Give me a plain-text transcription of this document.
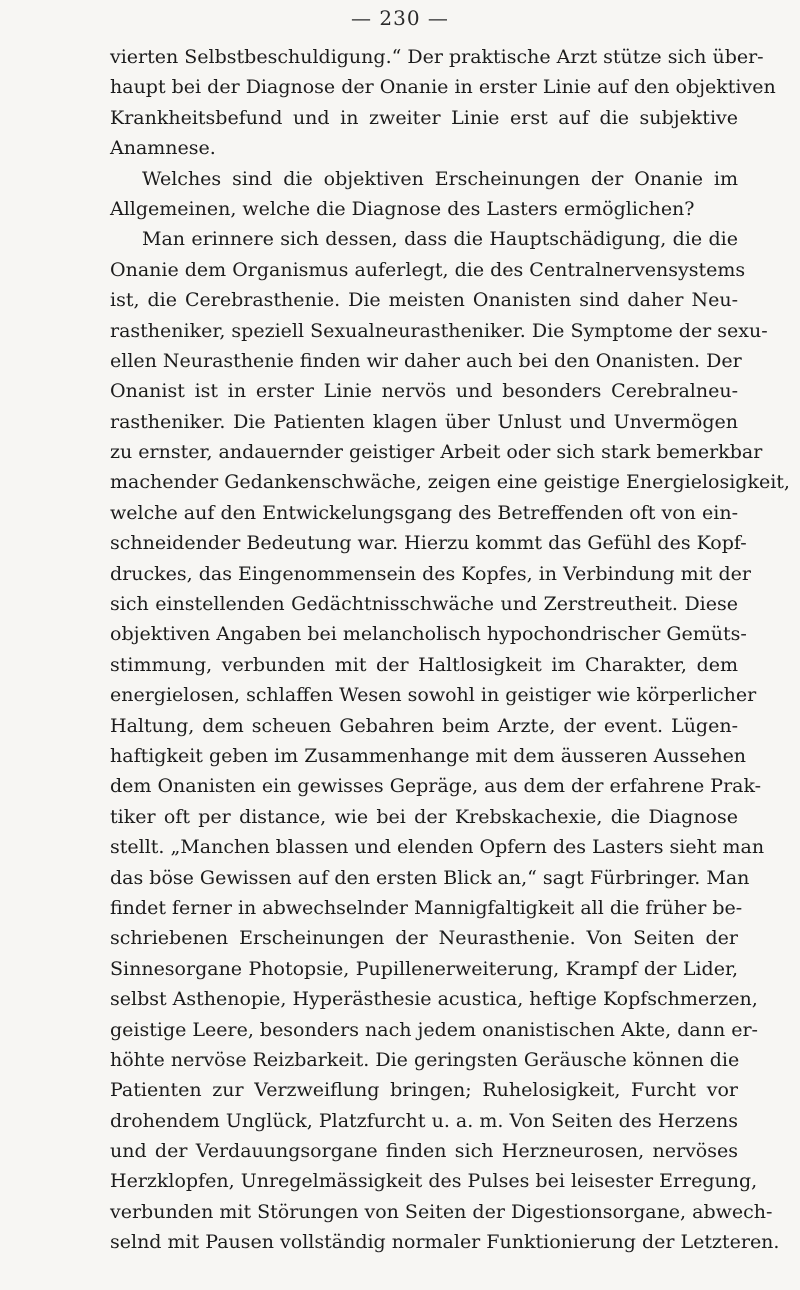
— 230 —
vierten Selbstbeschuldigung.“ Der praktische Arzt stütze sich über-
haupt bei der Diagnose der Onanie in erster Linie auf den objektiven
Krankheitsbefund und in zweiter Linie erst auf die subjektive
Anamnese.
Welches sind die objektiven Erscheinungen der Onanie im
Allgemeinen, welche die Diagnose des Lasters ermöglichen?
Man erinnere sich dessen, dass die Hauptschädigung, die die
Onanie dem Organismus auferlegt, die des Centralnervensystems
ist, die Cerebrasthenie. Die meisten Onanisten sind daher Neu-
rastheniker, speziell Sexualneurastheniker. Die Symptome der sexu-
ellen Neurasthenie finden wir daher auch bei den Onanisten. Der
Onanist ist in erster Linie nervös und besonders Cerebralneu-
rastheniker. Die Patienten klagen über Unlust und Unvermögen
zu ernster, andauernder geistiger Arbeit oder sich stark bemerkbar
machender Gedankenschwäche, zeigen eine geistige Energielosigkeit,
welche auf den Entwickelungsgang des Betreffenden oft von ein-
schneidender Bedeutung war. Hierzu kommt das Gefühl des Kopf-
druckes, das Eingenommensein des Kopfes, in Verbindung mit der
sich einstellenden Gedächtnisschwäche und Zerstreutheit. Diese
objektiven Angaben bei melancholisch hypochondrischer Gemüts-
stimmung, verbunden mit der Haltlosigkeit im Charakter, dem
energielosen, schlaffen Wesen sowohl in geistiger wie körperlicher
Haltung, dem scheuen Gebahren beim Arzte, der event. Lügen-
haftigkeit geben im Zusammenhange mit dem äusseren Aussehen
dem Onanisten ein gewisses Gepräge, aus dem der erfahrene Prak-
tiker oft per distance, wie bei der Krebskachexie, die Diagnose
stellt. „Manchen blassen und elenden Opfern des Lasters sieht man
das böse Gewissen auf den ersten Blick an,“ sagt Fürbringer. Man
findet ferner in abwechselnder Mannigfaltigkeit all die früher be-
schriebenen Erscheinungen der Neurasthenie. Von Seiten der
Sinnesorgane Photopsie, Pupillenerweiterung, Krampf der Lider,
selbst Asthenopie, Hyperästhesie acustica, heftige Kopfschmerzen,
geistige Leere, besonders nach jedem onanistischen Akte, dann er-
höhte nervöse Reizbarkeit. Die geringsten Geräusche können die
Patienten zur Verzweiflung bringen; Ruhelosigkeit, Furcht vor
drohendem Unglück, Platzfurcht u. a. m. Von Seiten des Herzens
und der Verdauungsorgane finden sich Herzneurosen, nervöses
Herzklopfen, Unregelmässigkeit des Pulses bei leisester Erregung,
verbunden mit Störungen von Seiten der Digestionsorgane, abwech-
selnd mit Pausen vollständig normaler Funktionierung der Letzteren.
